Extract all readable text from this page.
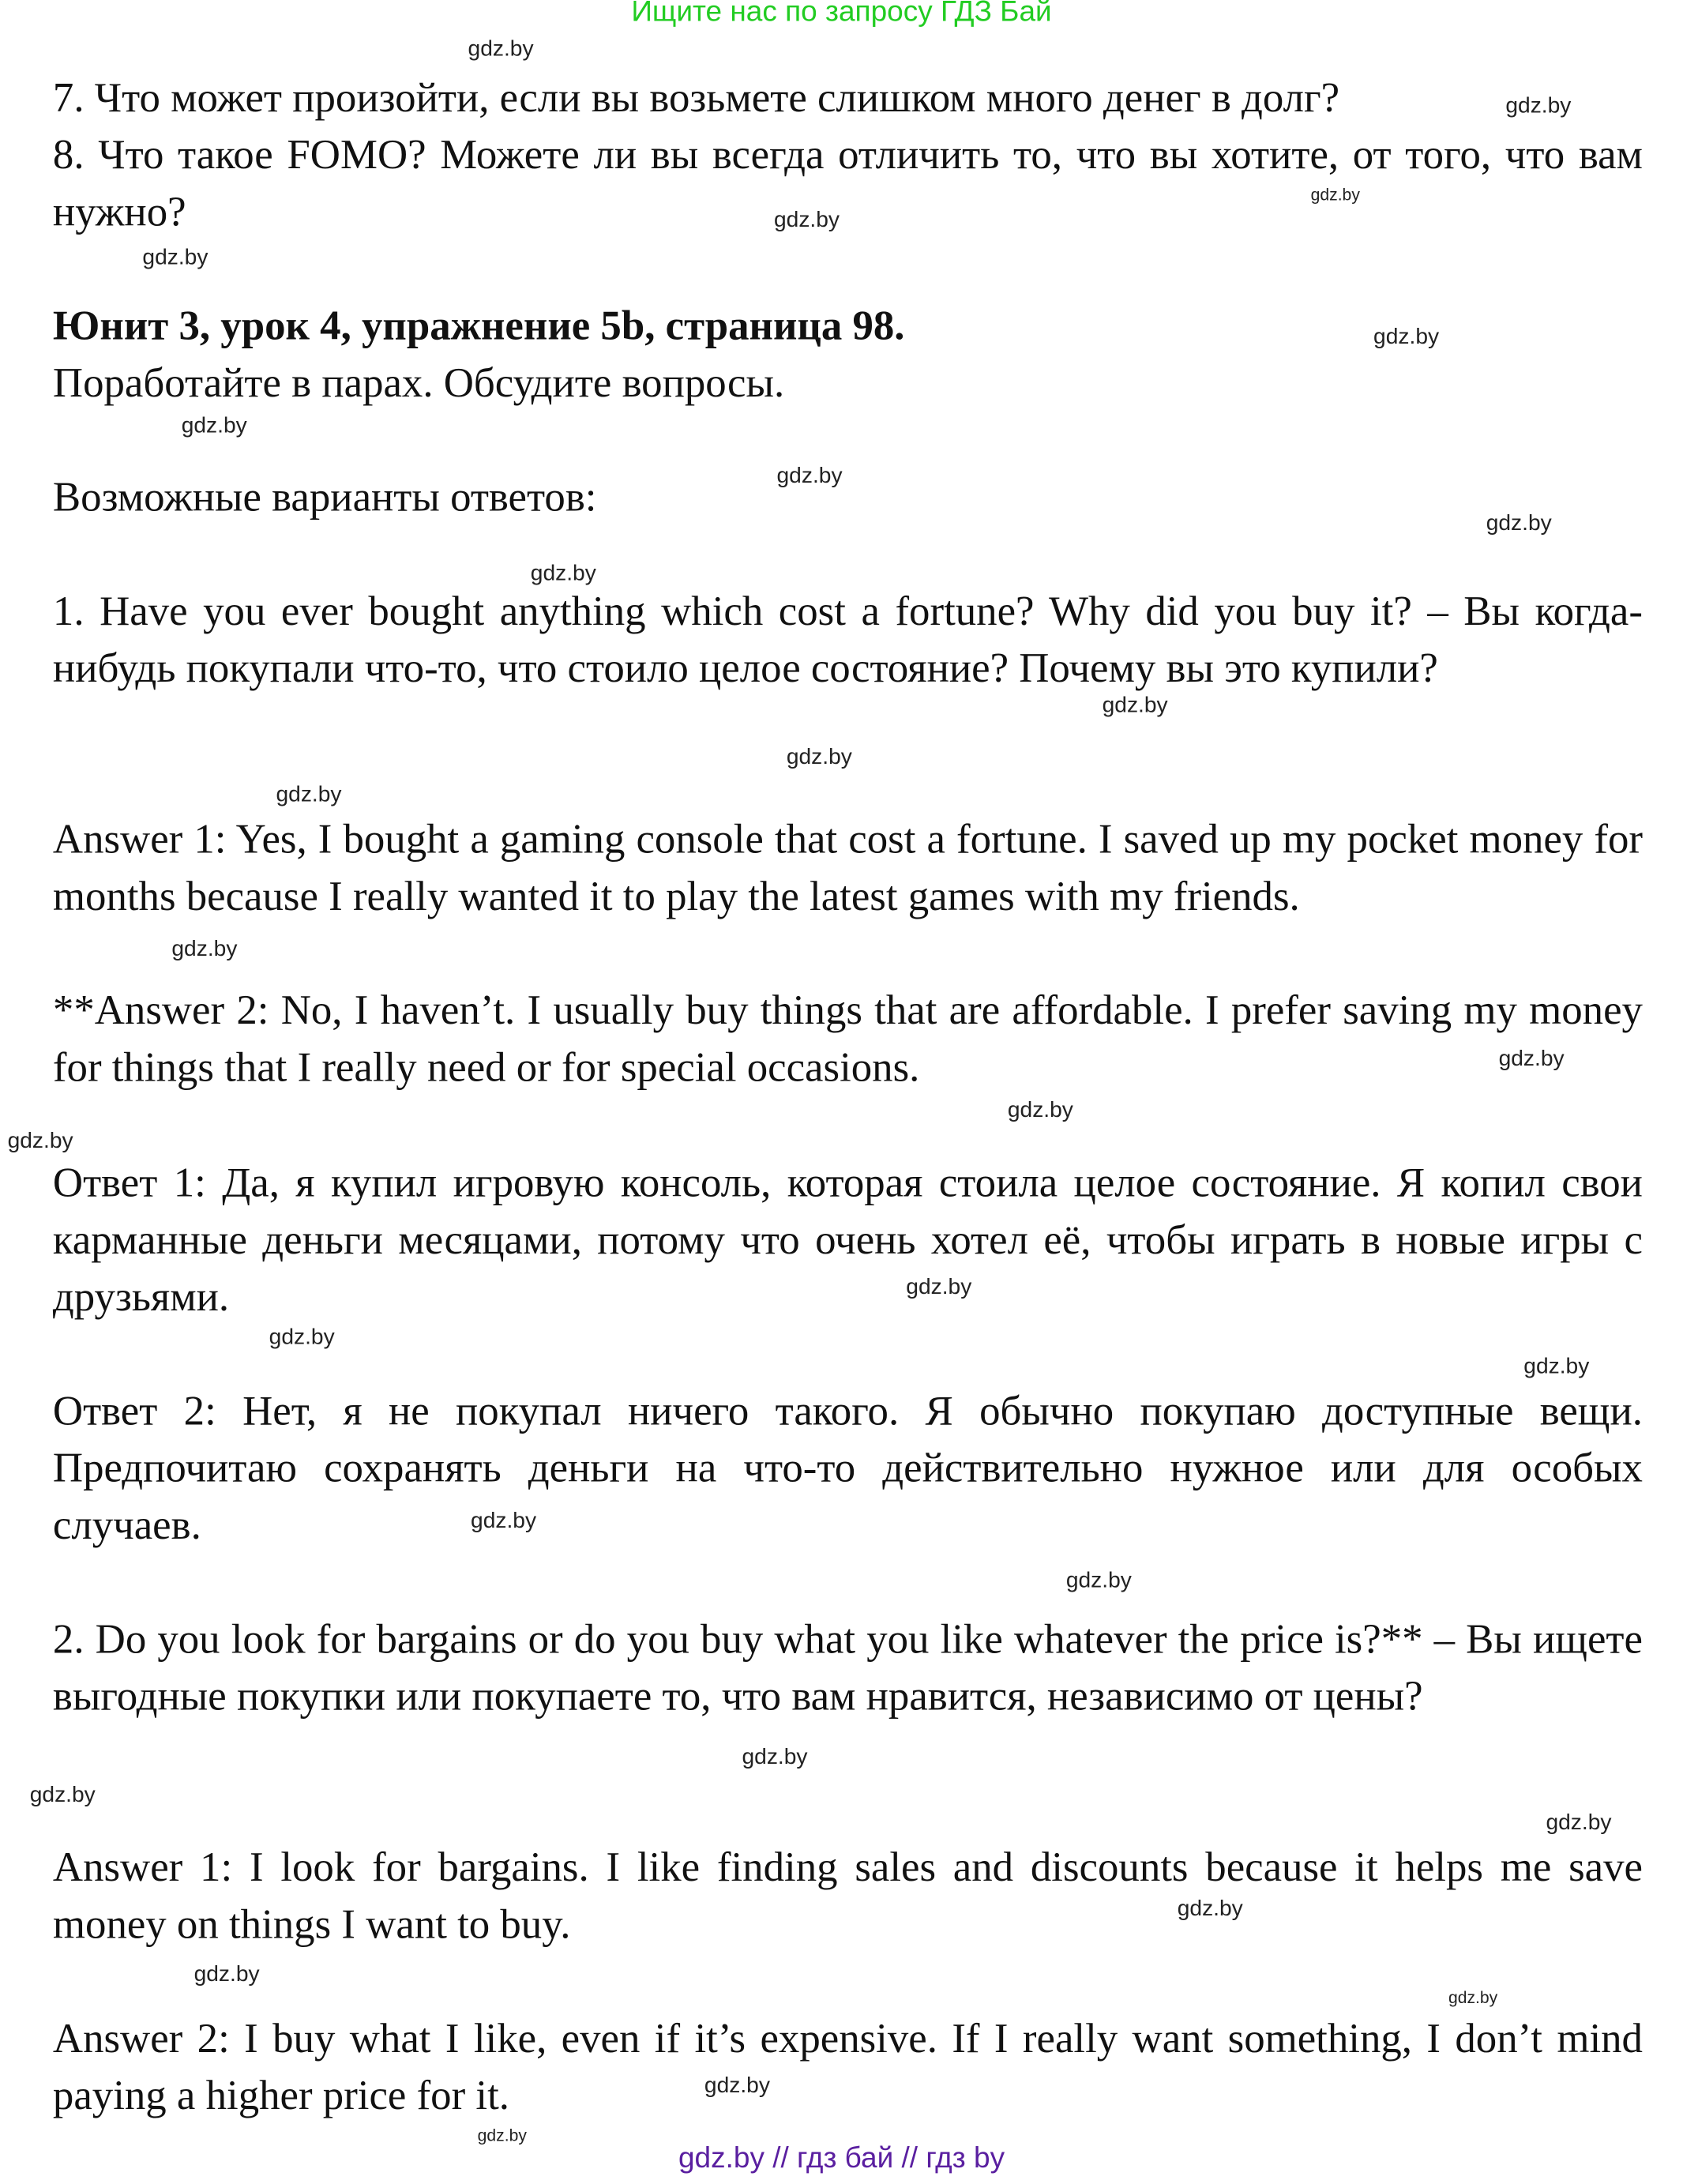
Ищите нас по запросу ГДЗ Бай

7. Что может произойти, если вы возьмете слишком много денег в долг?

8. Что такое FOMO? Можете ли вы всегда отличить то, что вы хотите, от того, что вам нужно?

Юнит 3, урок 4, упражнение 5b, страница 98.

Поработайте в парах. Обсудите вопросы.

Возможные варианты ответов:

1. Have you ever bought anything which cost a fortune? Why did you buy it? – Вы когда-нибудь покупали что-то, что стоило целое состояние? Почему вы это купили?

Answer 1: Yes, I bought a gaming console that cost a fortune. I saved up my pocket money for months because I really wanted it to play the latest games with my friends.

**Answer 2: No, I haven’t. I usually buy things that are affordable. I prefer saving my money for things that I really need or for special occasions.

Ответ 1: Да, я купил игровую консоль, которая стоила целое состояние. Я копил свои карманные деньги месяцами, потому что очень хотел её, чтобы играть в новые игры с друзьями.

Ответ 2: Нет, я не покупал ничего такого. Я обычно покупаю доступные вещи. Предпочитаю сохранять деньги на что-то действительно нужное или для особых случаев.

2. Do you look for bargains or do you buy what you like whatever the price is?** – Вы ищете выгодные покупки или покупаете то, что вам нравится, независимо от цены?

Answer 1: I look for bargains. I like finding sales and discounts because it helps me save money on things I want to buy.

Answer 2: I buy what I like, even if it’s expensive. If I really want something, I don’t mind paying a higher price for it.

gdz.by
gdz.by
gdz.by
gdz.by
gdz.by
gdz.by
gdz.by
gdz.by
gdz.by
gdz.by
gdz.by
gdz.by
gdz.by
gdz.by
gdz.by
gdz.by
gdz.by
gdz.by
gdz.by
gdz.by
gdz.by
gdz.by
gdz.by
gdz.by
gdz.by
gdz.by
gdz.by
gdz.by
gdz.by
gdz.by
gdz.by // гдз бай // гдз by
